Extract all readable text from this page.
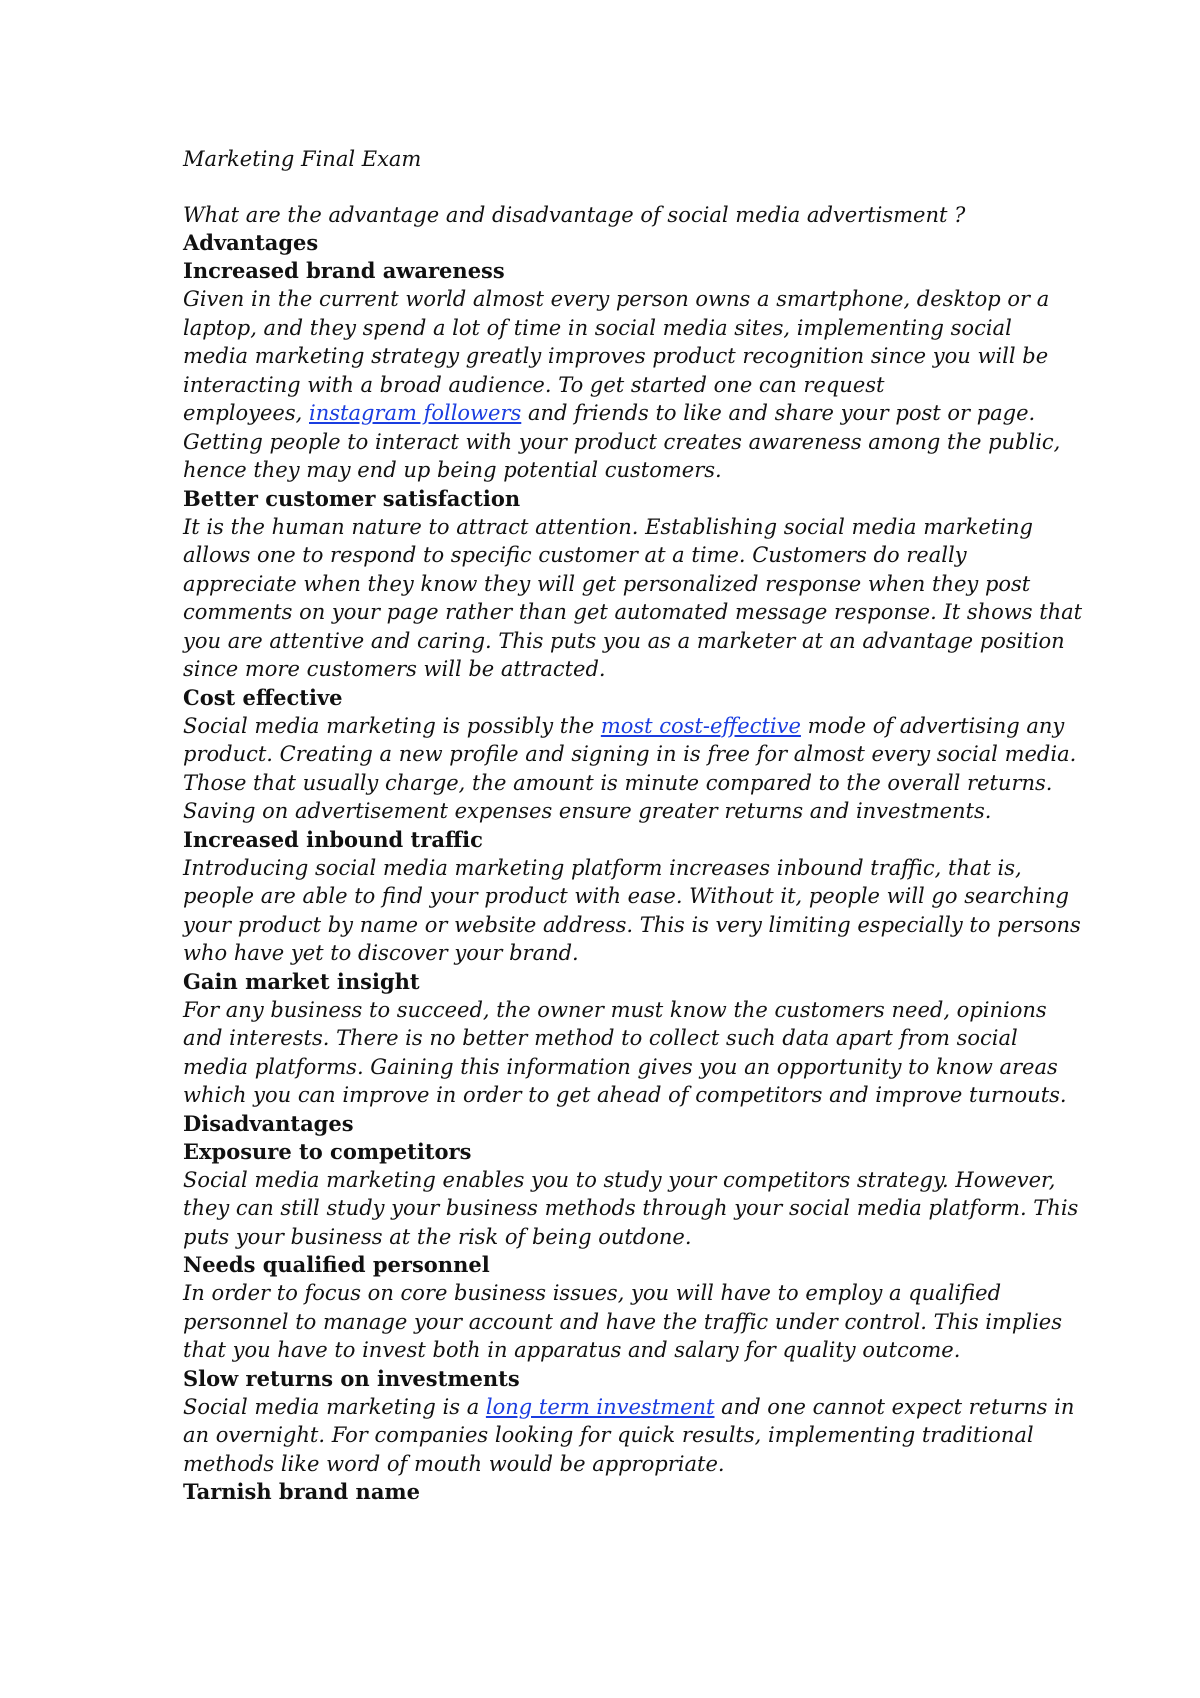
Marketing Final Exam

What are the advantage and disadvantage of social media advertisment ?

Advantages

Increased brand awareness

Given in the current world almost every person owns a smartphone, desktop or a
laptop, and they spend a lot of time in social media sites, implementing social
media marketing strategy greatly improves product recognition since you will be
interacting with a broad audience. To get started one can request
employees, instagram followers and friends to like and share your post or page.
Getting people to interact with your product creates awareness among the public,
hence they may end up being potential customers.

Better customer satisfaction

It is the human nature to attract attention. Establishing social media marketing
allows one to respond to specific customer at a time. Customers do really
appreciate when they know they will get personalized response when they post
comments on your page rather than get automated message response. It shows that
you are attentive and caring. This puts you as a marketer at an advantage position
since more customers will be attracted.

Cost effective

Social media marketing is possibly the most cost-effective mode of advertising any
product. Creating a new profile and signing in is free for almost every social media.
Those that usually charge, the amount is minute compared to the overall returns.
Saving on advertisement expenses ensure greater returns and investments.

Increased inbound traffic

Introducing social media marketing platform increases inbound traffic, that is,
people are able to find your product with ease. Without it, people will go searching
your product by name or website address. This is very limiting especially to persons
who have yet to discover your brand.

Gain market insight

For any business to succeed, the owner must know the customers need, opinions
and interests. There is no better method to collect such data apart from social
media platforms. Gaining this information gives you an opportunity to know areas
which you can improve in order to get ahead of competitors and improve turnouts.

Disadvantages

Exposure to competitors

Social media marketing enables you to study your competitors strategy. However,
they can still study your business methods through your social media platform. This
puts your business at the risk of being outdone.

Needs qualified personnel

In order to focus on core business issues, you will have to employ a qualified
personnel to manage your account and have the traffic under control. This implies
that you have to invest both in apparatus and salary for quality outcome.

Slow returns on investments

Social media marketing is a long term investment and one cannot expect returns in
an overnight. For companies looking for quick results, implementing traditional
methods like word of mouth would be appropriate.

Tarnish brand name
